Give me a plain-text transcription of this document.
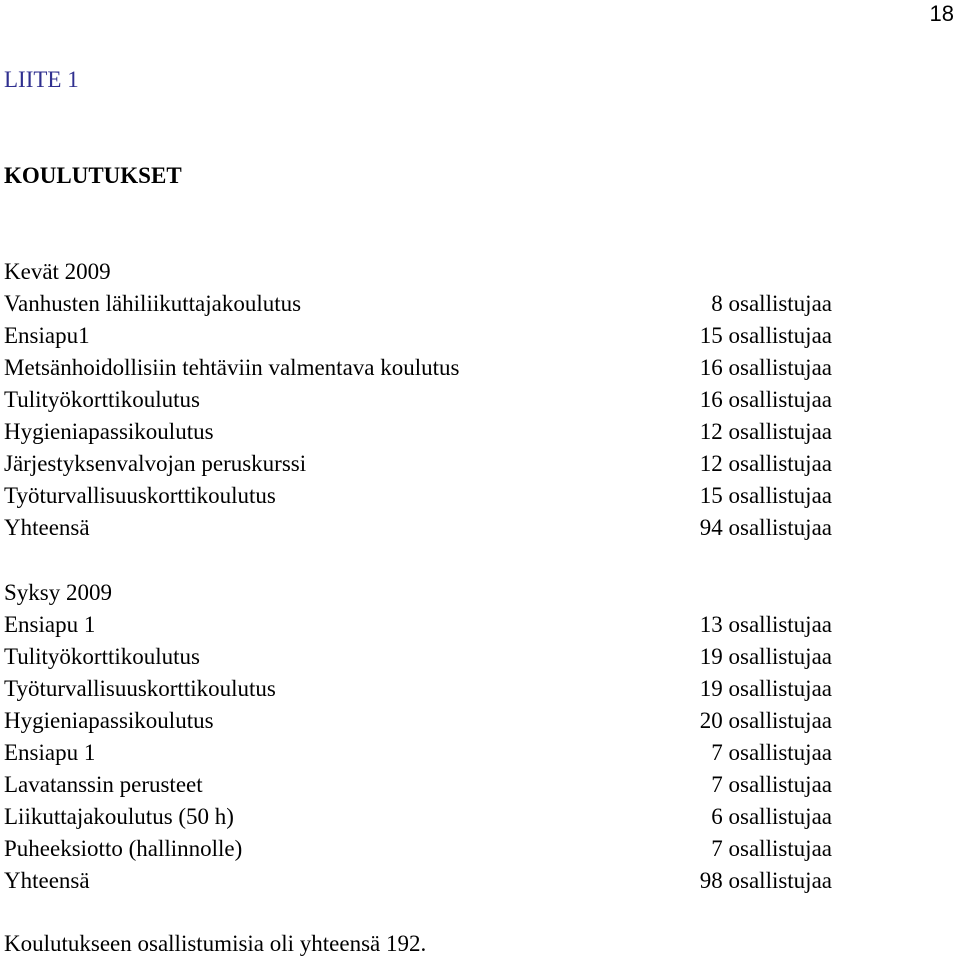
18
LIITE 1
KOULUTUKSET
Kevät 2009
Vanhusten lähiliikuttajakoulutus	8 osallistujaa
Ensiapu1	15 osallistujaa
Metsänhoidollisiin tehtäviin valmentava koulutus	16 osallistujaa
Tulityökorttikoulutus	16 osallistujaa
Hygieniapassikoulutus	12 osallistujaa
Järjestyksenvalvojan peruskurssi	12 osallistujaa
Työturvallisuuskorttikoulutus	15 osallistujaa
Yhteensä	94 osallistujaa
Syksy 2009
Ensiapu 1	13 osallistujaa
Tulityökorttikoulutus	19 osallistujaa
Työturvallisuuskorttikoulutus	19 osallistujaa
Hygieniapassikoulutus	20 osallistujaa
Ensiapu 1	7 osallistujaa
Lavatanssin perusteet	7 osallistujaa
Liikuttajakoulutus (50 h)	6 osallistujaa
Puheeksiotto (hallinnolle)	7 osallistujaa
Yhteensä	98 osallistujaa
Koulutukseen osallistumisia oli yhteensä 192.
